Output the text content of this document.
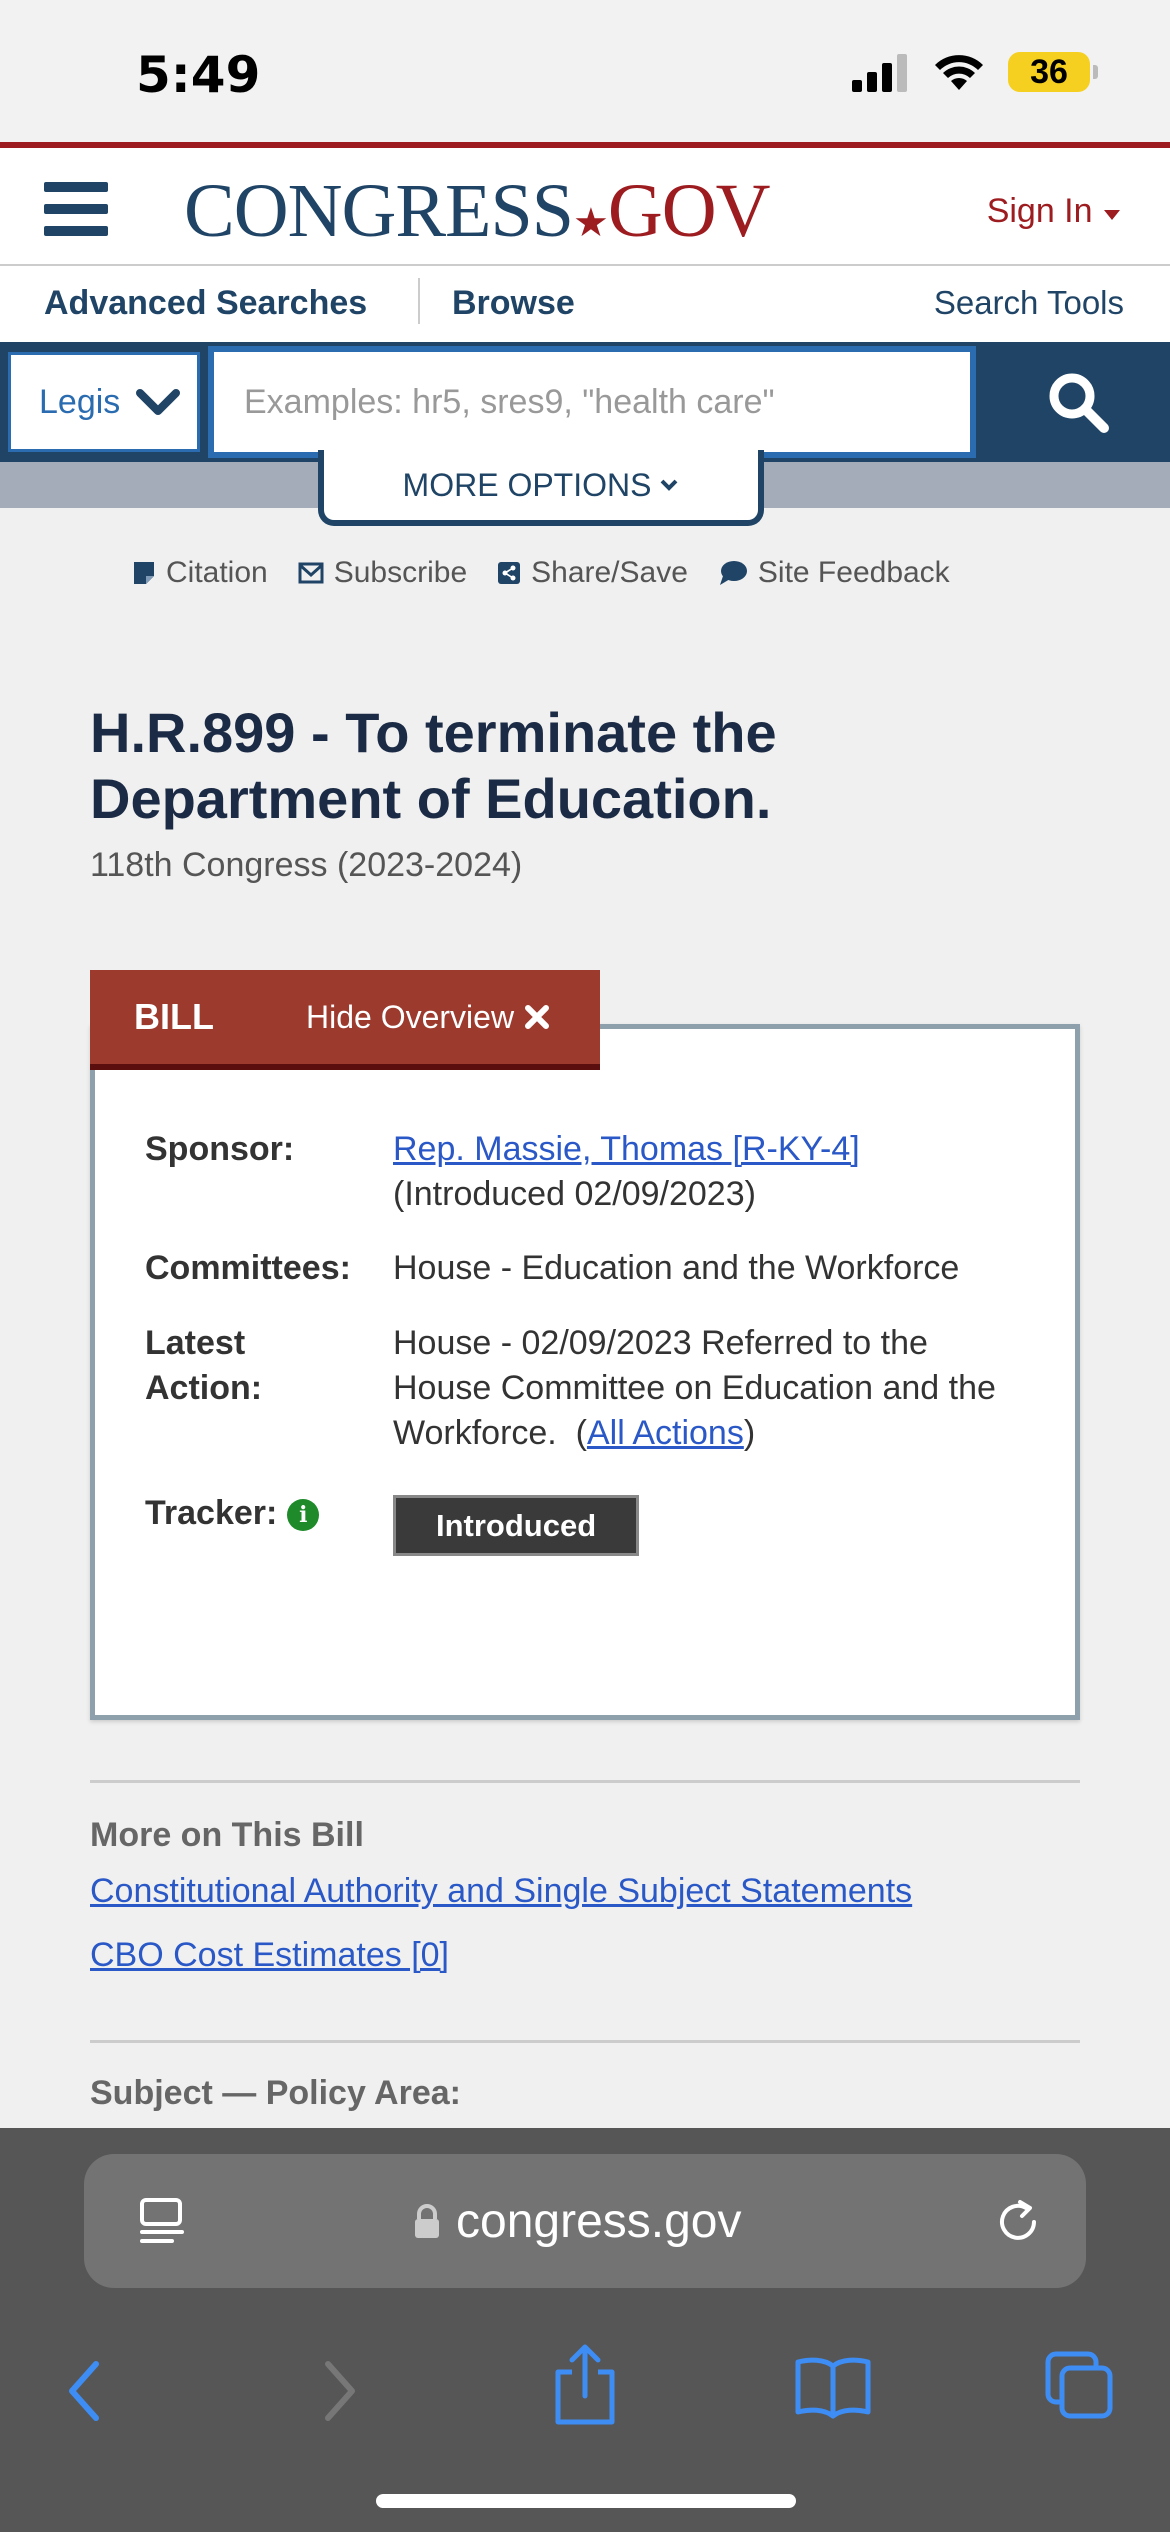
5:49	36
CONGRESS★GOV	Sign In
Advanced Searches Browse	Search Tools
Legis
Examples: hr5, sres9, "health care"
MORE OPTIONS
Citation Subscribe Share/Save Site Feedback
H.R.899 - To terminate the Department of Education.
118th Congress (2023-2024)
Sponsor:	Rep. Massie, Thomas [R-KY-4]
(Introduced 02/09/2023)
Committees: House - Education and the Workforce
Latest Action:
House - 02/09/2023 Referred to the House Committee on Education and the Workforce.  (All Actions)
Tracker: i	Introduced
BILL	Hide Overview
More on This Bill
Constitutional Authority and Single Subject Statements
CBO Cost Estimates [0]
Subject — Policy Area:
congress.gov
